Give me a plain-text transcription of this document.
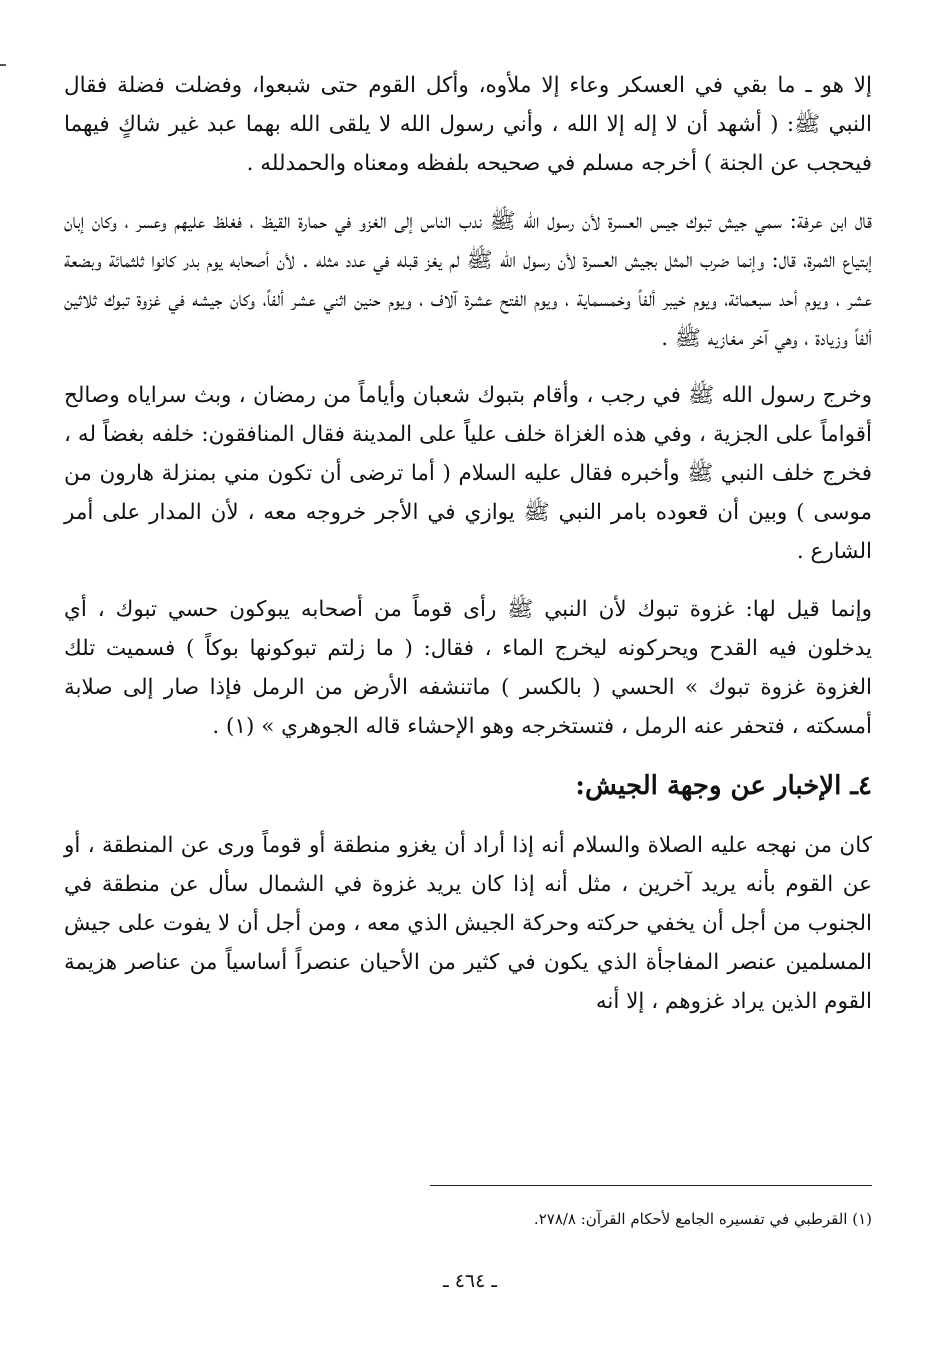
إلا هو ـ ما بقي في العسكر وعاء إلا ملأوه، وأكل القوم حتى شبعوا، وفضلت فضلة فقال النبي ﷺ: ( أشهد أن لا إله إلا الله ، وأني رسول الله لا يلقى الله بهما عبد غير شاكٍ فيهما فيحجب عن الجنة ) أخرجه مسلم في صحيحه بلفظه ومعناه والحمدلله .

قال ابن عرفة: سمي جيش تبوك جيس العسرة لأن رسول الله ﷺ ندب الناس إلى الغزو في حمارة القيظ ، فغلظ عليهم وعسر ، وكان إبان إبتياع الثمرة، قال: وإنما ضرب المثل بجيش العسرة لأن رسول الله ﷺ لم يغز قبله في عدد مثله . لأن أصحابه يوم بدر كانوا ثلثمائة وبضعة عشر ، ويوم أحد سبعمائة، ويوم خيبر ألفاً وخمسماية ، ويوم الفتح عشرة آلاف ، ويوم حنين اثني عشر ألفاً، وكان جيشه في غزوة تبوك ثلاثين ألفاً وزيادة ، وهي آخر مغازيه ﷺ .

وخرج رسول الله ﷺ في رجب ، وأقام بتبوك شعبان وأياماً من رمضان ، وبث سراياه وصالح أقواماً على الجزية ، وفي هذه الغزاة خلف علياً على المدينة فقال المنافقون: خلفه بغضاً له ، فخرج خلف النبي ﷺ وأخبره فقال عليه السلام ( أما ترضى أن تكون مني بمنزلة هارون من موسى ) وبين أن قعوده بامر النبي ﷺ يوازي في الأجر خروجه معه ، لأن المدار على أمر الشارع .

وإنما قيل لها: غزوة تبوك لأن النبي ﷺ رأى قوماً من أصحابه يبوكون حسي تبوك ، أي يدخلون فيه القدح ويحركونه ليخرج الماء ، فقال: ( ما زلتم تبوكونها بوكاً ) فسميت تلك الغزوة غزوة تبوك » الحسي ( بالكسر ) ماتنشفه الأرض من الرمل فإذا صار إلى صلابة أمسكته ، فتحفر عنه الرمل ، فتستخرجه وهو الإحشاء قاله الجوهري » (١) .

٤ـ الإخبار عن وجهة الجيش:

كان من نهجه عليه الصلاة والسلام أنه إذا أراد أن يغزو منطقة أو قوماً ورى عن المنطقة ، أو عن القوم بأنه يريد آخرين ، مثل أنه إذا كان يريد غزوة في الشمال سأل عن منطقة في الجنوب من أجل أن يخفي حركته وحركة الجيش الذي معه ، ومن أجل أن لا يفوت على جيش المسلمين عنصر المفاجأة الذي يكون في كثير من الأحيان عنصراً أساسياً من عناصر هزيمة القوم الذين يراد غزوهم ، إلا أنه

(١) القرطبي في تفسيره الجامع لأحكام القرآن: ٢٧٨/٨.
ـ ٤٦٤ ـ
